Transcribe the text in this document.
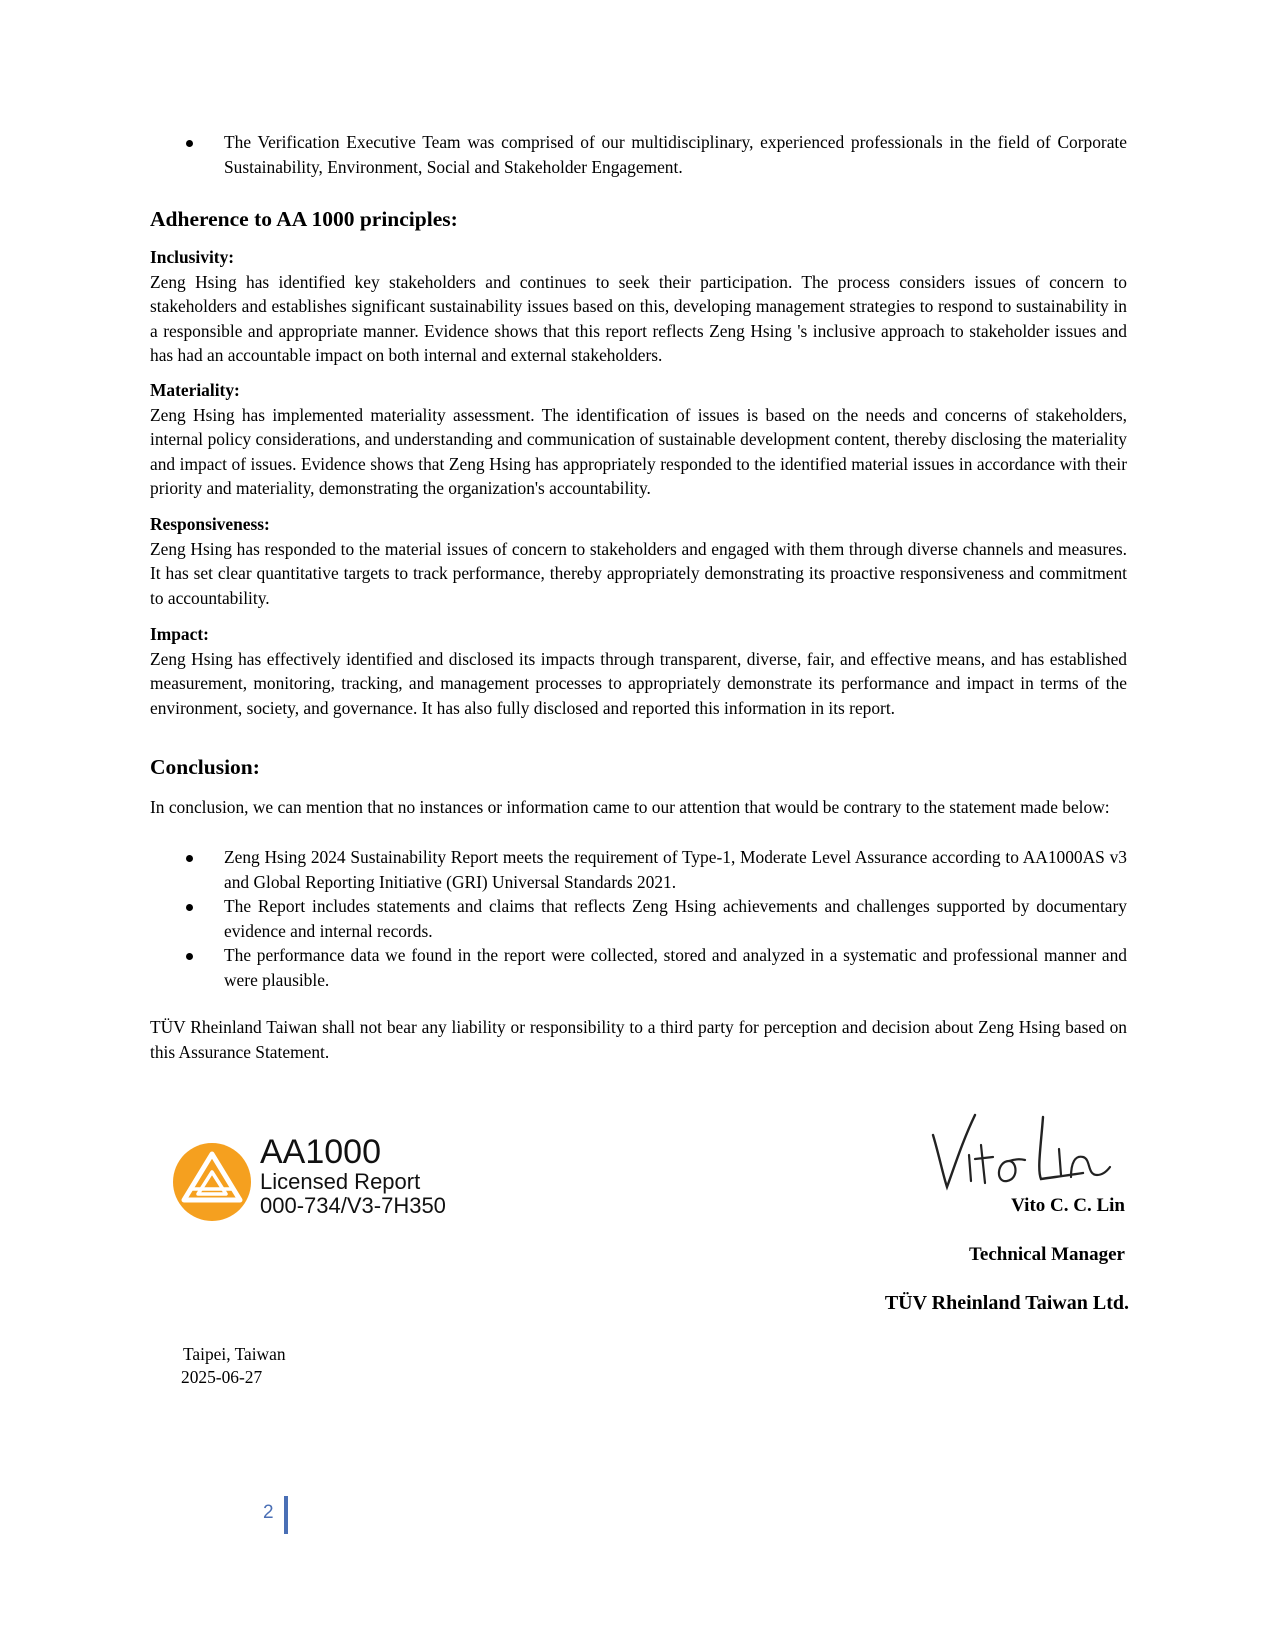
The Verification Executive Team was comprised of our multidisciplinary, experienced professionals in the field of Corporate Sustainability, Environment, Social and Stakeholder Engagement.
Adherence to AA 1000 principles:
Inclusivity:

Zeng Hsing has identified key stakeholders and continues to seek their participation. The process considers issues of concern to stakeholders and establishes significant sustainability issues based on this, developing management strategies to respond to sustainability in a responsible and appropriate manner. Evidence shows that this report reflects Zeng Hsing 's inclusive approach to stakeholder issues and has had an accountable impact on both internal and external stakeholders.

Materiality:

Zeng Hsing has implemented materiality assessment. The identification of issues is based on the needs and concerns of stakeholders, internal policy considerations, and understanding and communication of sustainable development content, thereby disclosing the materiality and impact of issues. Evidence shows that Zeng Hsing has appropriately responded to the identified material issues in accordance with their priority and materiality, demonstrating the organization's accountability.

Responsiveness:

Zeng Hsing has responded to the material issues of concern to stakeholders and engaged with them through diverse channels and measures. It has set clear quantitative targets to track performance, thereby appropriately demonstrating its proactive responsiveness and commitment to accountability.

Impact:

Zeng Hsing has effectively identified and disclosed its impacts through transparent, diverse, fair, and effective means, and has established measurement, monitoring, tracking, and management processes to appropriately demonstrate its performance and impact in terms of the environment, society, and governance. It has also fully disclosed and reported this information in its report.

Conclusion:

In conclusion, we can mention that no instances or information came to our attention that would be contrary to the statement made below:

Zeng Hsing 2024 Sustainability Report meets the requirement of Type-1, Moderate Level Assurance according to AA1000AS v3 and Global Reporting Initiative (GRI) Universal Standards 2021.
The Report includes statements and claims that reflects Zeng Hsing achievements and challenges supported by documentary evidence and internal records.
The performance data we found in the report were collected, stored and analyzed in a systematic and professional manner and were plausible.

TÜV Rheinland Taiwan shall not bear any liability or responsibility to a third party for perception and decision about Zeng Hsing based on this Assurance Statement.

AA1000
Licensed Report
000-734/V3-7H350	Vito C. C. Lin
Technical Manager
TÜV Rheinland Taiwan Ltd.
Taipei, Taiwan
2025-06-27
2
